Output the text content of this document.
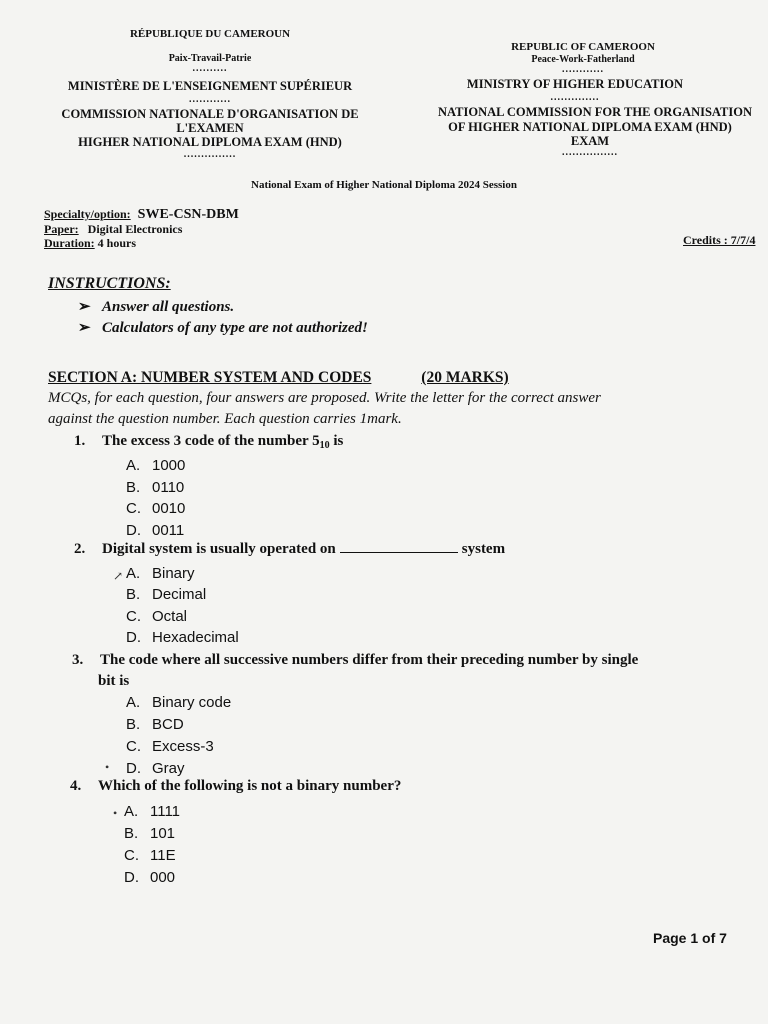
RÉPUBLIQUE DU CAMEROUN
Paix-Travail-Patrie
..........
MINISTÈRE DE L'ENSEIGNEMENT SUPÉRIEUR
............
COMMISSION NATIONALE D'ORGANISATION DE
L'EXAMEN
HIGHER NATIONAL DIPLOMA EXAM (HND)
...............
REPUBLIC OF CAMEROON
Peace-Work-Fatherland
............
MINISTRY OF HIGHER EDUCATION
..............
NATIONAL COMMISSION FOR THE ORGANISATION
OF HIGHER NATIONAL DIPLOMA EXAM (HND)
EXAM
................
National Exam of Higher National Diploma 2024 Session
Specialty/option: SWE-CSN-DBM
Paper: Digital Electronics
Duration: 4 hours	Credits : 7/7/4
INSTRUCTIONS:
➢ Answer all questions.
➢ Calculators of any type are not authorized!
SECTION A: NUMBER SYSTEM AND CODES	(20 MARKS)
MCQs, for each question, four answers are proposed. Write the letter for the correct answer
against the question number. Each question carries 1mark.
1. The excess 3 code of the number $5_{10}$ is
A. 1000
B. 0110
C. 0010
D. 0011
2. Digital system is usually operated on	system
↗ A. Binary
B. Decimal
C. Octal
D. Hexadecimal
3. The code where all successive numbers differ from their preceding number by single
bit is
A. Binary code
B. BCD
C. Excess-3
• D. Gray
4. Which of the following is not a binary number?
• A. 1111
B. 101
C. 11E
D. 000
Page 1 of 7
